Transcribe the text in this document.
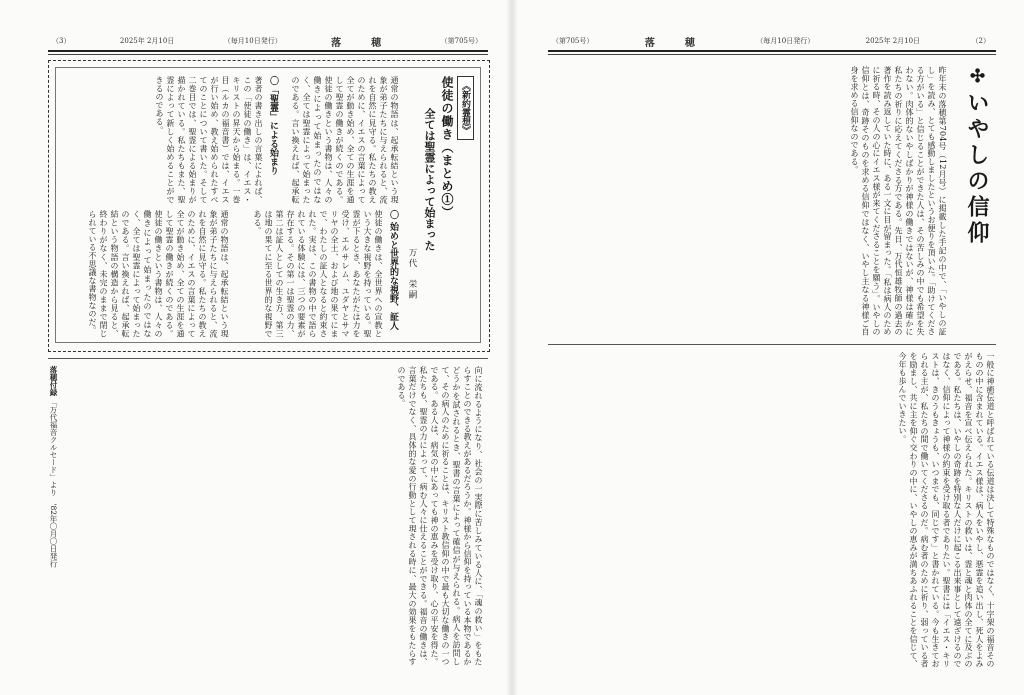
（3）	2025年 2月10日	（毎月10日発行）	落　穂	（第705号）
《新約霊想》
使徒の働き（まとめ①）
全ては聖霊によって始まった
万代　栄嗣
通常の物語は、起承転結という現象が弟子たちに与えられると、流れを自然に見守る。私たちの教えのために、イエスの言葉によって全てが動き始め、全ての生涯を通して聖霊の働きが続くのである。使徒の働きという書物は、人々の働きによって始まったのではなく、全ては聖霊によって始まったのである。言い換えれば、起承転
〇 始めと世界的な視野、証人
使徒の働きは、全世界への宣教という大きな視野を持っている。聖霊が下るとき、あなたがたは力を受け、エルサレム、ユダヤとサマリヤの全土、および地の果てにまで、わたしの証人となると約束された。実は、この書物の中で語られている体験には、三つの要素が存在する。その第一は聖霊の力、第二は証人としての生き方、第三は地の果てに至る世界的な視野である。
〇「聖霊」による始まり
著者の書き出しの言葉によれば、この「使徒の働き」は、イエス・キリストの昇天から始まる。一巻目（ルカの福音書）では、イエスが行い始め、教え始められたすべてのことについて書いた。そして二巻目では、聖霊による始まりが描かれている。私たちもまた、聖霊によって新しく始めることができるのである。
通常の物語は、起承転結という現象が弟子たちに与えられると、流れを自然に見守る。私たちの教えのために、イエスの言葉によって全てが動き始め、全ての生涯を通して聖霊の働きが続くのである。使徒の働きという書物は、人々の働きによって始まったのではなく、全ては聖霊によって始まったのである。言い換えれば、起承転結という物語の構造から見ると、終わりがなく、未完のままで閉じられている不思議な書物なのだ。
向に流れるようになり、社会の一実際に苦しみている人に、「魂の救い」をもたらすことのできる教えがあるだろうか。神様から信仰を持っている本物であるかどうかを試されるとき、聖書の言葉によって確信が与えられる。病人を訪問して、その病人のために祈ることは、キリスト教信仰の中で最も大切な働きの一つである。ある人は、病気の中にあっても神の恵みを受け取り、心の平安を得た。私たちも、聖霊の力によって、病む人々に仕えることができる。福音の働きは、言葉だけでなく、具体的な愛の行動として現される時に、最大の効果をもたらすのである。
落穂付録 「万代福音クルセード」より　'82年〇月〇日発行
（第705号）	落　穂	（毎月10日発行）	2025年 2月10日	（2）
✣いやしの信仰
昨年末の落穂第704号（12月号）に掲載した手記の中で、「いやしの証し」を読み、とても感動しましたというお便りを頂いた。「助けてくださる方がいる」と信じることができた人は、その苦しみの中でも希望を失わない。肉体的ないやしばかりが神様の働きではないが、神様は確かに私たちの祈りに応えてくださる方である。先日、万代恒雄牧師の過去の著作を読み返していた時に、ある一文に目が留まった。「私は病人のために祈る時、その人の心にイエス様が来てくださることを願う」。いやしの信仰とは、奇跡そのものを求める信仰ではなく、いやし主なる神様ご自身を求める信仰なのである。
一般に神癒伝道と呼ばれている伝道は決して特殊なものではなく、十字架の福音そのものの中に含まれている。イエス様は、病人をいやし、悪霊を追い出し、死人をよみがえらせ、福音を宣べ伝えられた。キリストの救いは、霊と魂と肉体の全てに及ぶのである。私たちは、いやしの奇跡を特別な人だけに起こる出来事として遠ざけるのではなく、信仰によって神様の約束を受け取る者でありたい。聖書には「イエス・キリストは、きのうもきょうも、いつまでも、同じです」と書かれている。今も生きておられる主が、私たちの間で働いてくださるのだ。病む者のために祈り、弱っている者を励まし、共に主を仰ぐ交わりの中に、いやしの恵みが満ちあふれることを信じて、今年も歩んでいきたい。
